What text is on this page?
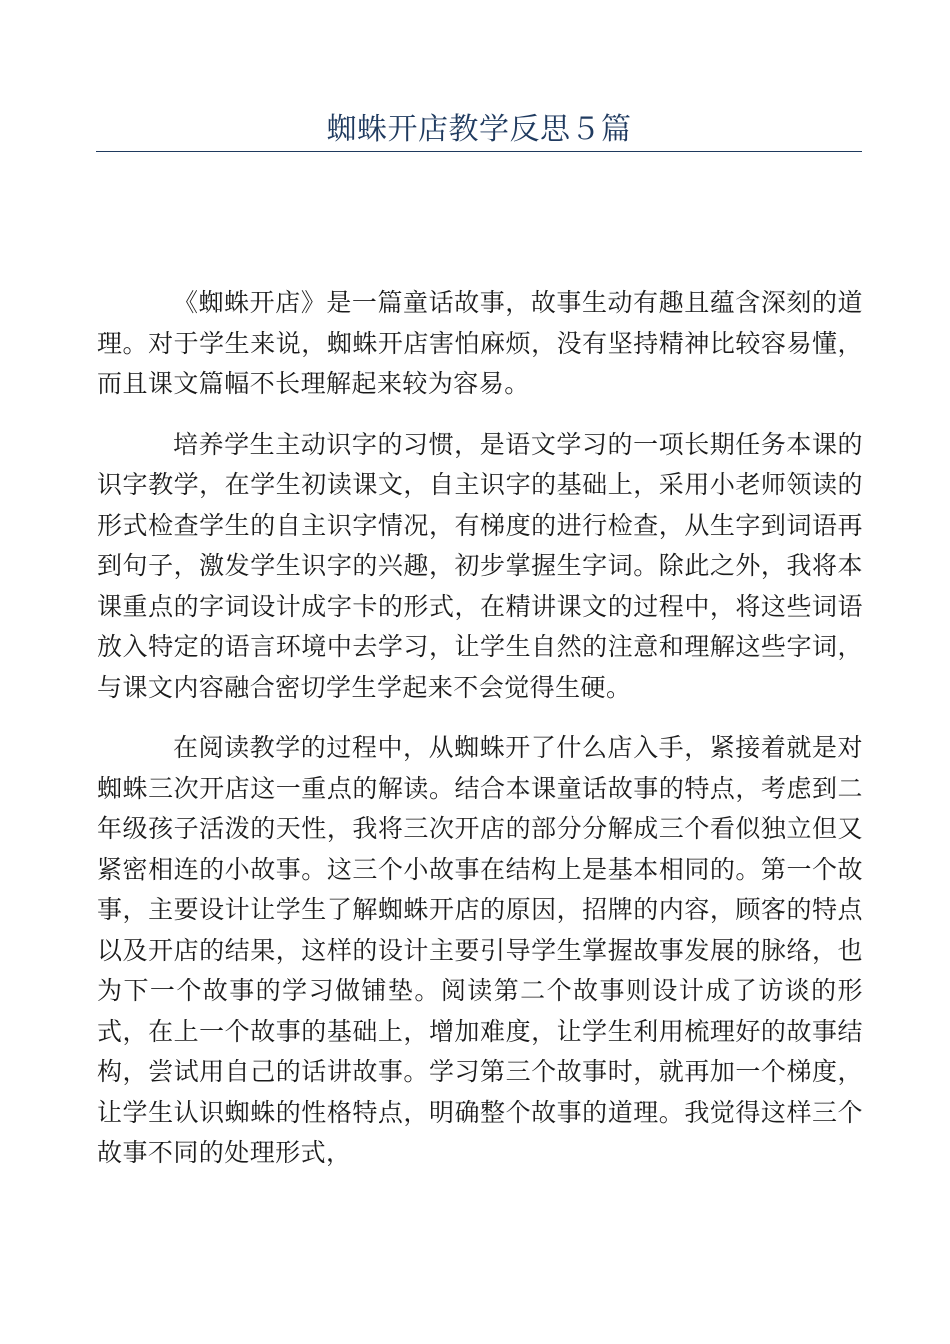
蜘蛛开店教学反思５篇

《蜘蛛开店》是一篇童话故事，故事生动有趣且蕴含深刻的道理。对于学生来说，蜘蛛开店害怕麻烦，没有坚持精神比较容易懂，而且课文篇幅不长理解起来较为容易。

培养学生主动识字的习惯，是语文学习的一项长期任务本课的识字教学，在学生初读课文，自主识字的基础上，采用小老师领读的形式检查学生的自主识字情况，有梯度的进行检查，从生字到词语再到句子，激发学生识字的兴趣，初步掌握生字词。除此之外，我将本课重点的字词设计成字卡的形式，在精讲课文的过程中，将这些词语放入特定的语言环境中去学习，让学生自然的注意和理解这些字词，与课文内容融合密切学生学起来不会觉得生硬。

在阅读教学的过程中，从蜘蛛开了什么店入手，紧接着就是对蜘蛛三次开店这一重点的解读。结合本课童话故事的特点，考虑到二年级孩子活泼的天性，我将三次开店的部分分解成三个看似独立但又紧密相连的小故事。这三个小故事在结构上是基本相同的。第一个故事，主要设计让学生了解蜘蛛开店的原因，招牌的内容，顾客的特点以及开店的结果，这样的设计主要引导学生掌握故事发展的脉络，也为下一个故事的学习做铺垫。阅读第二个故事则设计成了访谈的形式，在上一个故事的基础上，增加难度，让学生利用梳理好的故事结构，尝试用自己的话讲故事。学习第三个故事时，就再加一个梯度，让学生认识蜘蛛的性格特点，明确整个故事的道理。我觉得这样三个故事不同的处理形式，
